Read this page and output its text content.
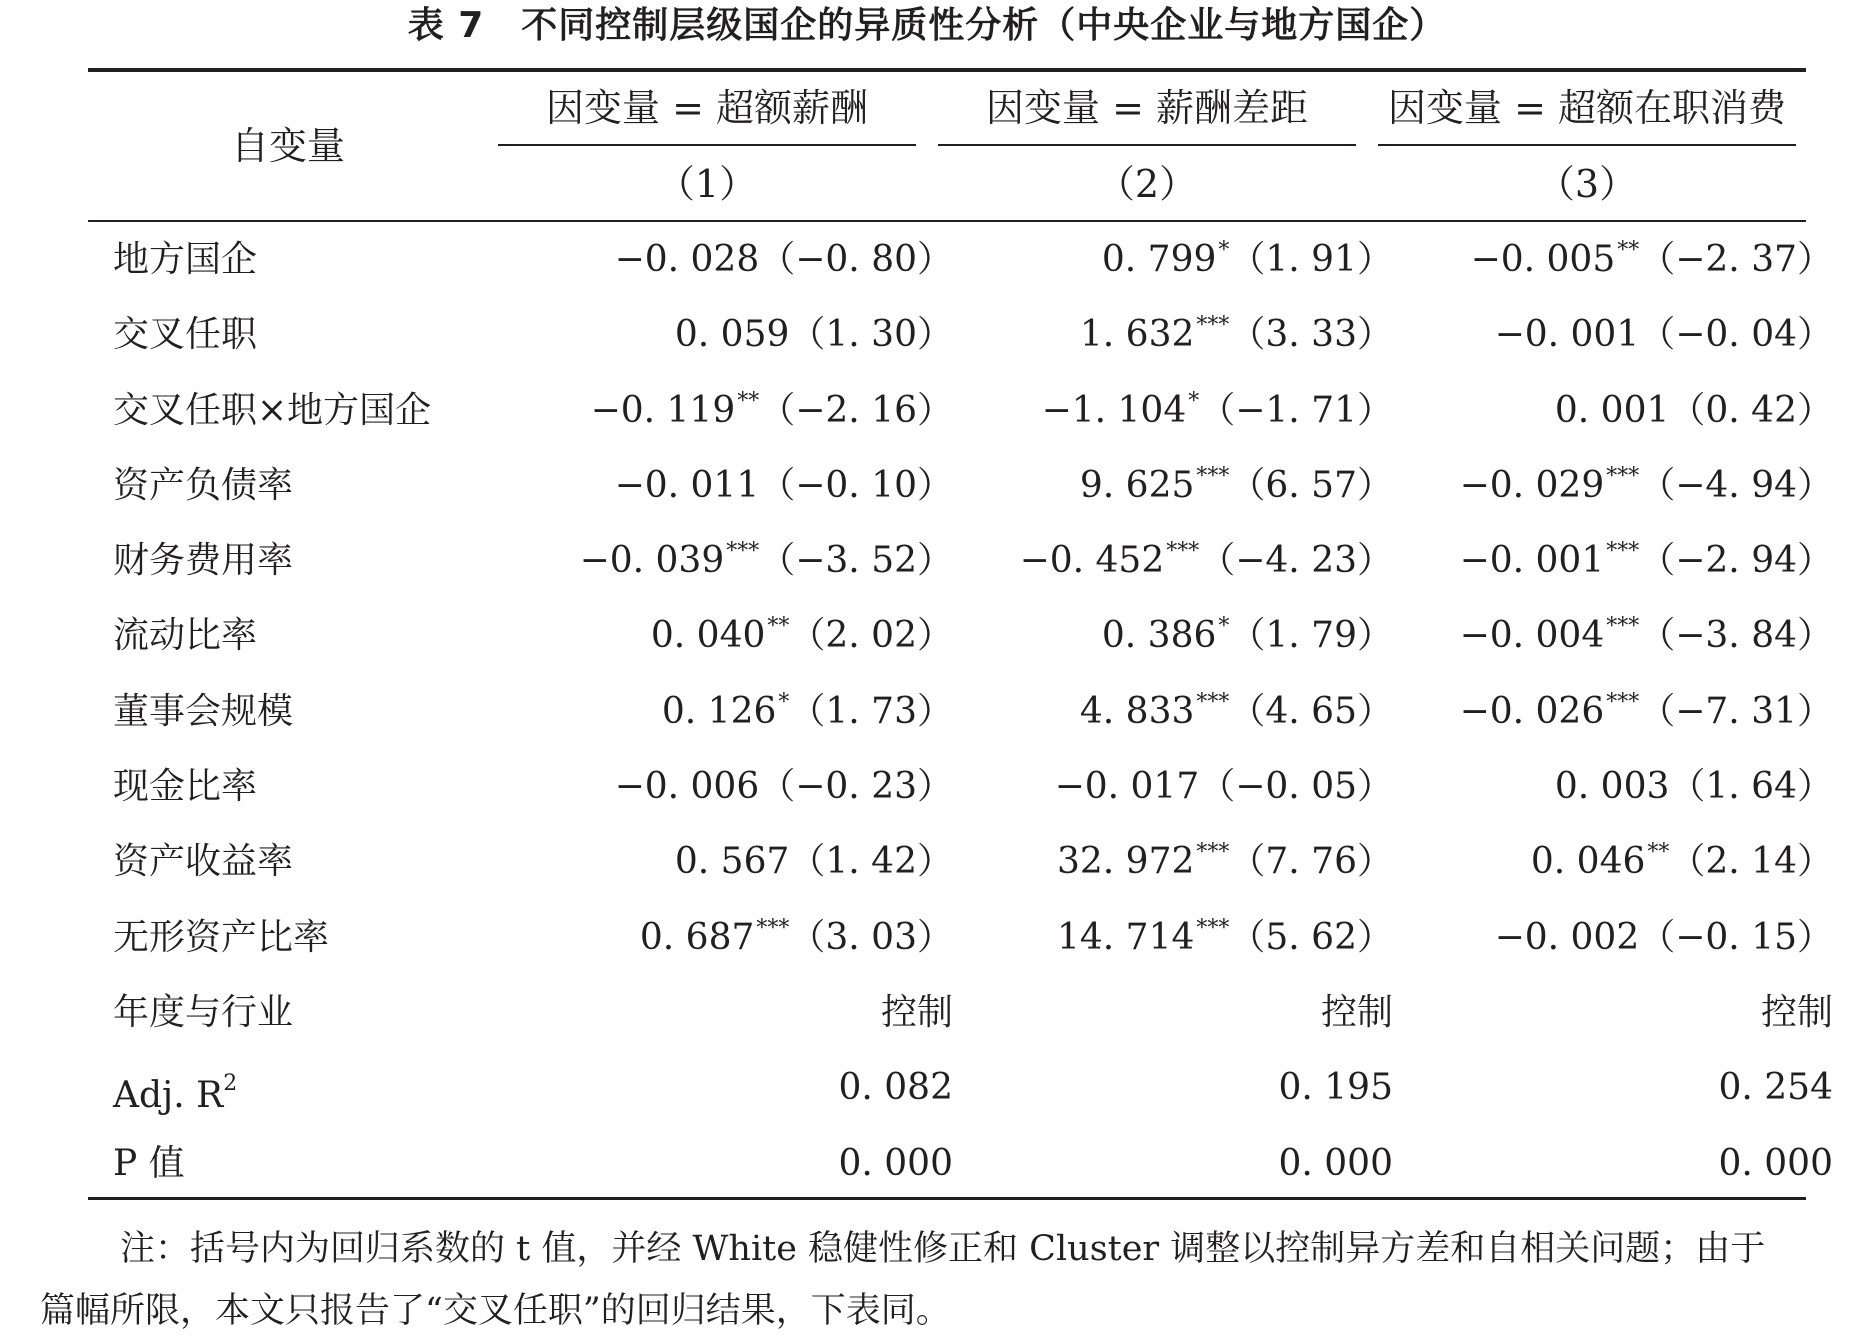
表 7　不同控制层级国企的异质性分析（中央企业与地方国企）
自变量
因变量 = 超额薪酬	因变量 = 薪酬差距	因变量 = 超额在职消费
（1）	（2）	（3）
地方国企	−0. 028（−0. 80）	0. 799*（1. 91） −0. 005**（−2. 37）
交叉任职	0. 059（1. 30）	1. 632***（3. 33）	−0. 001（−0. 04）
交叉任职×地方国企	−0. 119**（−2. 16） −1. 104*（−1. 71）	0. 001（0. 42）
资产负债率	−0. 011（−0. 10）	9. 625***（6. 57） −0. 029***（−4. 94）
财务费用率	−0. 039***（−3. 52） −0. 452***（−4. 23） −0. 001***（−2. 94）
流动比率	0. 040**（2. 02）	0. 386*（1. 79） −0. 004***（−3. 84）
董事会规模	0. 126*（1. 73）	4. 833***（4. 65） −0. 026***（−7. 31）
现金比率	−0. 006（−0. 23）	−0. 017（−0. 05）	0. 003（1. 64）
资产收益率	0. 567（1. 42）	32. 972***（7. 76）	0. 046**（2. 14）
无形资产比率	0. 687***（3. 03）	14. 714***（5. 62）	−0. 002（−0. 15）
年度与行业	控制	控制	控制
Adj. $R^2$	0. 082	0. 195	0. 254
P 值	0. 000	0. 000	0. 000
注：括号内为回归系数的 t 值，并经 White 稳健性修正和 Cluster 调整以控制异方差和自相关问题；由于
篇幅所限，本文只报告了“交叉任职”的回归结果，下表同。
